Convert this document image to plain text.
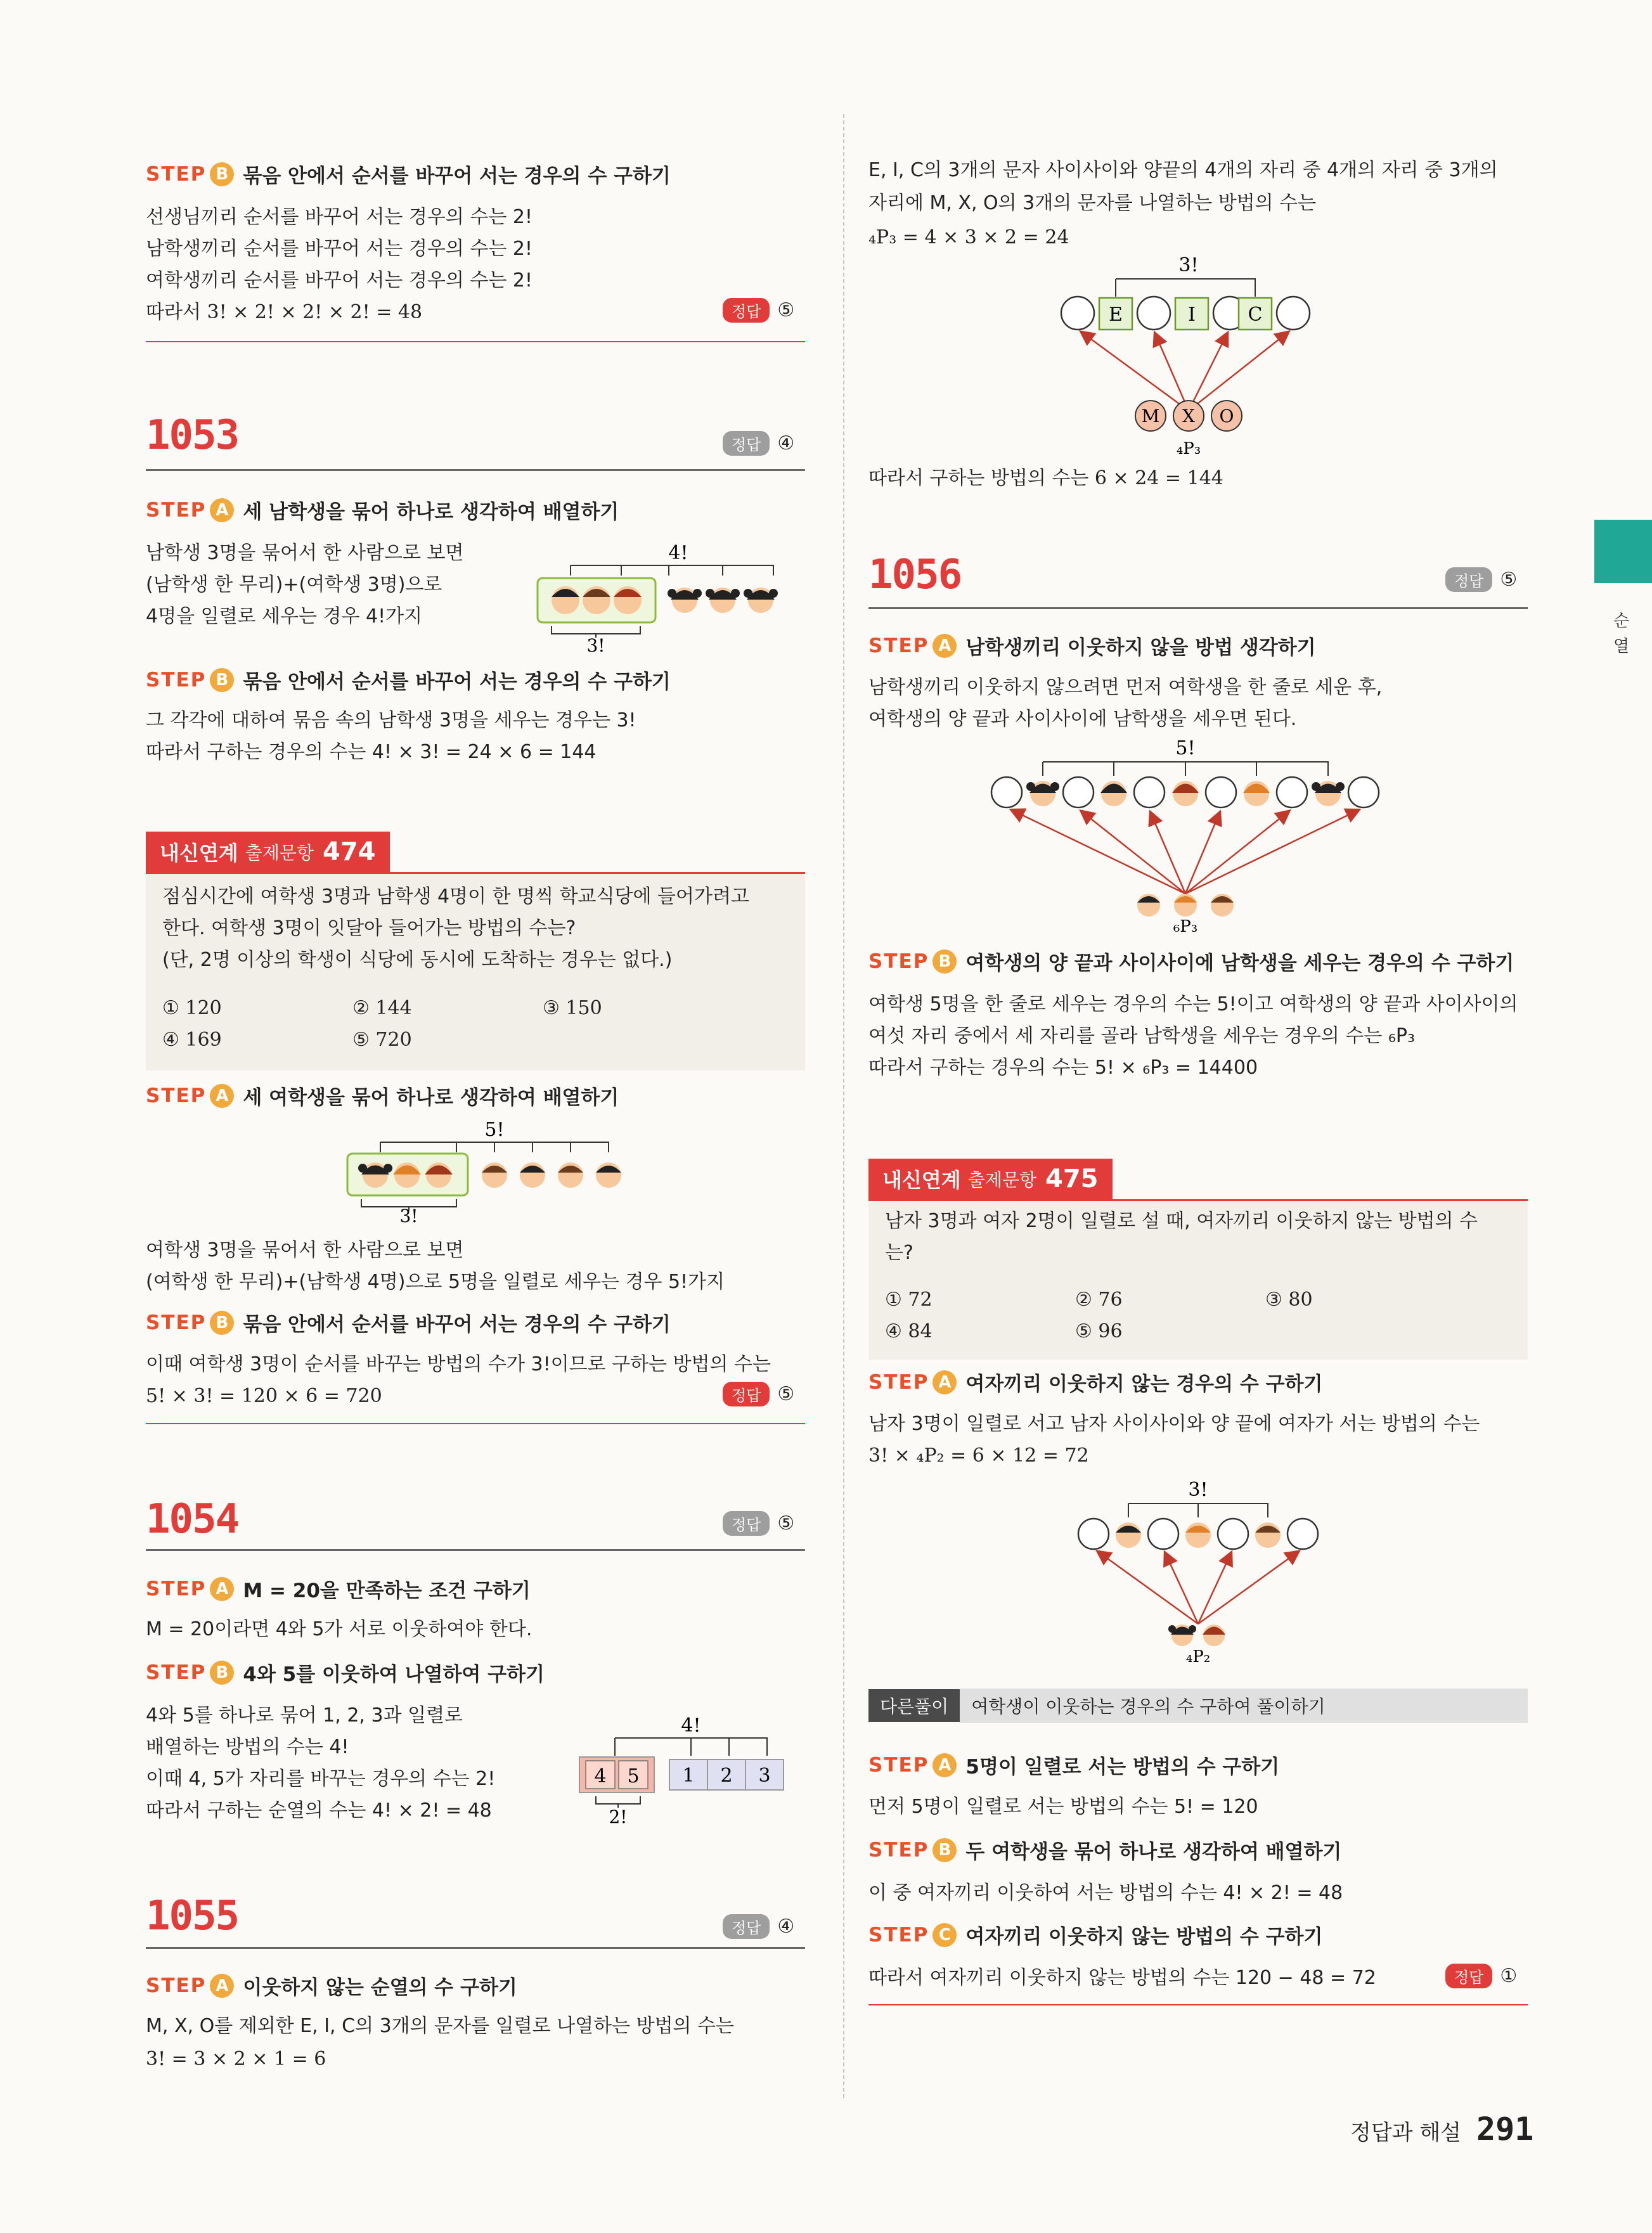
순열
STEP B 묶음 안에서 순서를 바꾸어 서는 경우의 수 구하기
선생님끼리 순서를 바꾸어 서는 경우의 수는 2!
남학생끼리 순서를 바꾸어 서는 경우의 수는 2!
여학생끼리 순서를 바꾸어 서는 경우의 수는 2!
따라서 3! × 2! × 2! × 2! = 48	정답 ⑤
1053	정답 ④
STEP A 세 남학생을 묶어 하나로 생각하여 배열하기
남학생 3명을 묶어서 한 사람으로 보면
(남학생 한 무리)+(여학생 3명)으로
4명을 일렬로 세우는 경우 4!가지
4!
3!
STEP B 묶음 안에서 순서를 바꾸어 서는 경우의 수 구하기
그 각각에 대하여 묶음 속의 남학생 3명을 세우는 경우는 3!
따라서 구하는 경우의 수는 4! × 3! = 24 × 6 = 144
내신연계
출제문항 474
점심시간에 여학생 3명과 남학생 4명이 한 명씩 학교식당에 들어가려고
한다. 여학생 3명이 잇달아 들어가는 방법의 수는?
(단, 2명 이상의 학생이 식당에 동시에 도착하는 경우는 없다.)
① 120	② 144	③ 150
④ 169	⑤ 720
STEP A 세 여학생을 묶어 하나로 생각하여 배열하기
5!
3!
여학생 3명을 묶어서 한 사람으로 보면
(여학생 한 무리)+(남학생 4명)으로 5명을 일렬로 세우는 경우 5!가지
STEP B 묶음 안에서 순서를 바꾸어 서는 경우의 수 구하기
이때 여학생 3명이 순서를 바꾸는 방법의 수가 3!이므로 구하는 방법의 수는
5! × 3! = 120 × 6 = 720	정답 ⑤
1054	정답 ⑤
STEP A M = 20을 만족하는 조건 구하기
M = 20이라면 4와 5가 서로 이웃하여야 한다.
STEP B 4와 5를 이웃하여 나열하여 구하기
4와 5를 하나로 묶어 1, 2, 3과 일렬로
배열하는 방법의 수는 4!
이때 4, 5가 자리를 바꾸는 경우의 수는 2!
따라서 구하는 순열의 수는 4! × 2! = 48
4!
4 5 1 2 3
2!
1055	정답 ④
STEP A 이웃하지 않는 순열의 수 구하기
M, X, O를 제외한 E, I, C의 3개의 문자를 일렬로 나열하는 방법의 수는
3! = 3 × 2 × 1 = 6
E, I, C의 3개의 문자 사이사이와 양끝의 4개의 자리 중 4개의 자리 중 3개의
자리에 M, X, O의 3개의 문자를 나열하는 방법의 수는
₄P₃ = 4 × 3 × 2 = 24
3!
E	I	C
M X O
₄P₃
따라서 구하는 방법의 수는 6 × 24 = 144
1056	정답 ⑤
STEP A 남학생끼리 이웃하지 않을 방법 생각하기
남학생끼리 이웃하지 않으려면 먼저 여학생을 한 줄로 세운 후,
여학생의 양 끝과 사이사이에 남학생을 세우면 된다.
5!
₆P₃
STEP B 여학생의 양 끝과 사이사이에 남학생을 세우는 경우의 수 구하기
여학생 5명을 한 줄로 세우는 경우의 수는 5!이고 여학생의 양 끝과 사이사이의
여섯 자리 중에서 세 자리를 골라 남학생을 세우는 경우의 수는 ₆P₃
따라서 구하는 경우의 수는 5! × ₆P₃ = 14400
내신연계
출제문항 475
남자 3명과 여자 2명이 일렬로 설 때, 여자끼리 이웃하지 않는 방법의 수
는?
① 72	② 76	③ 80
④ 84	⑤ 96
STEP A 여자끼리 이웃하지 않는 경우의 수 구하기
남자 3명이 일렬로 서고 남자 사이사이와 양 끝에 여자가 서는 방법의 수는
3! × ₄P₂ = 6 × 12 = 72
3!
₄P₂
다른풀이	여학생이 이웃하는 경우의 수 구하여 풀이하기
STEP A 5명이 일렬로 서는 방법의 수 구하기
먼저 5명이 일렬로 서는 방법의 수는 5! = 120
STEP B 두 여학생을 묶어 하나로 생각하여 배열하기
이 중 여자끼리 이웃하여 서는 방법의 수는 4! × 2! = 48
STEP C 여자끼리 이웃하지 않는 방법의 수 구하기
따라서 여자끼리 이웃하지 않는 방법의 수는 120 − 48 = 72	정답 ①
정답과 해설 291
